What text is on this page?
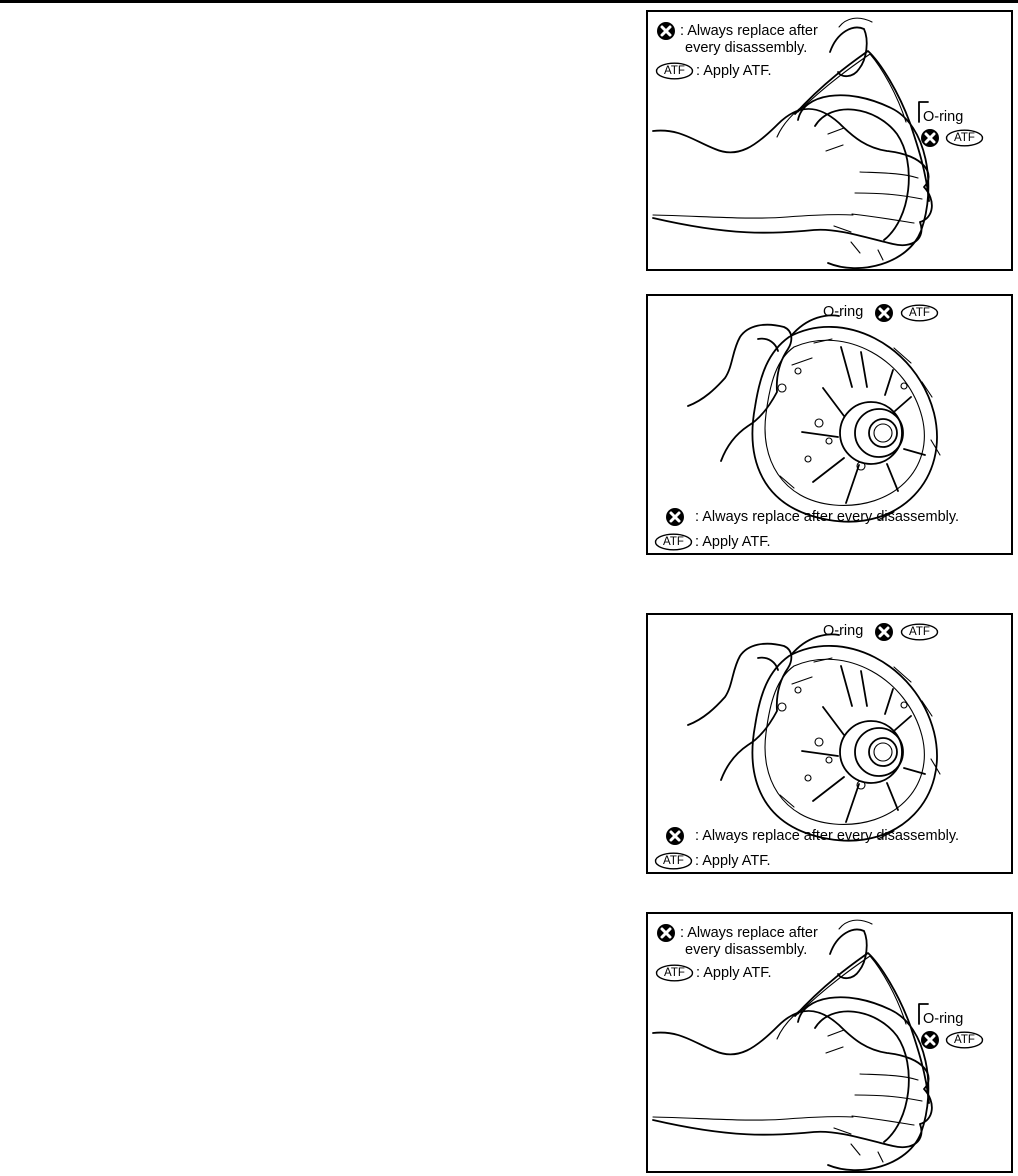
: Always replace after
every disassembly.
ATF : Apply ATF.
O-ring
ATF
O-ring	ATF
: Always replace after every disassembly.
ATF : Apply ATF.
O-ring	ATF
: Always replace after every disassembly.
ATF : Apply ATF.
: Always replace after
every disassembly.
ATF : Apply ATF.
O-ring
ATF
